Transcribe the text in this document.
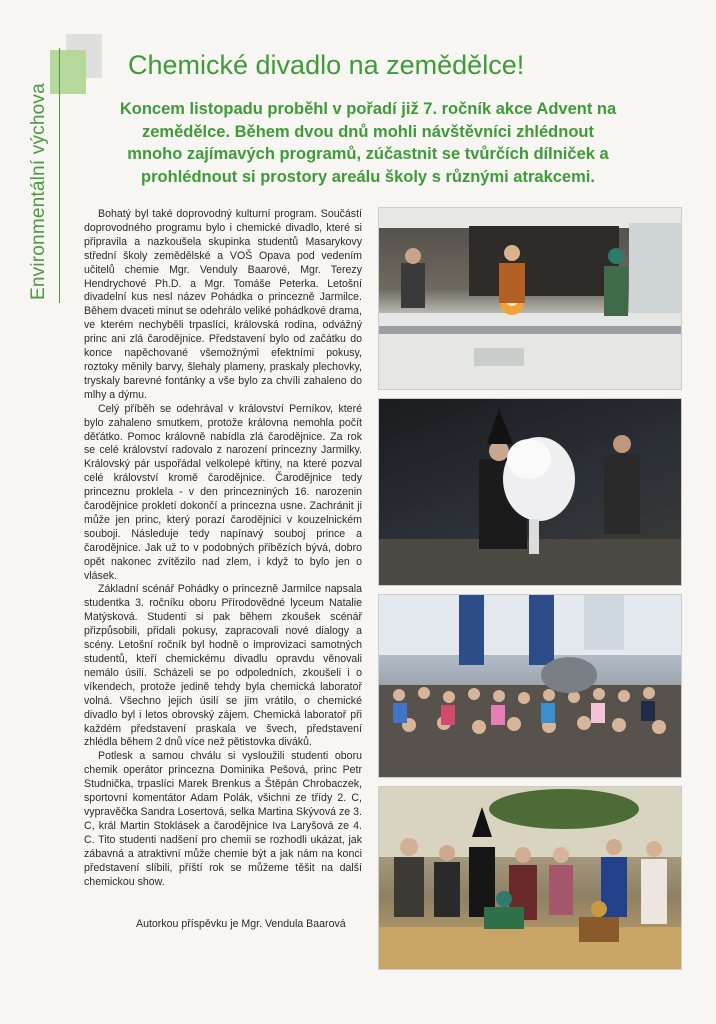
Environmentální výchova
Chemické divadlo na zemědělce!

Koncem listopadu proběhl v pořadí již 7. ročník akce Advent na zemědělce. Během dvou dnů mohli návštěvníci zhlédnout mnoho zajímavých programů, zúčastnit se tvůrčích dílniček a prohlédnout si prostory areálu školy s různými atrakcemi.

Bohatý byl také doprovodný kulturní program. Součástí doprovodného programu bylo i chemické divadlo, které si připravila a nazkoušela skupinka studentů Masarykovy střední školy zemědělské a VOŠ Opava pod vedením učitelů chemie Mgr. Venduly Baarové, Mgr. Terezy Hendrychové Ph.D. a Mgr. Tomáše Peterka. Letošní divadelní kus nesl název Pohádka o princezně Jarmilce. Během dvaceti minut se odehrálo veliké pohádkové drama, ve kterém nechyběli trpaslíci, královská rodina, odvážný princ ani zlá čarodějnice. Představení bylo od začátku do konce napěchované všemožnými efektními pokusy, roztoky měnily barvy, šlehaly plameny, praskaly plechovky, tryskaly barevné fontánky a vše bylo za chvíli zahaleno do mlhy a dýmu.

Celý příběh se odehrával v království Perníkov, které bylo zahaleno smutkem, protože královna nemohla počít děťátko. Pomoc královně nabídla zlá čarodějnice. Za rok se celé království radovalo z narození princezny Jarmilky. Královský pár uspořádal velkolepé křtiny, na které pozval celé království kromě čarodějnice. Čarodějnice tedy princeznu proklela - v den princezniných 16. narozenin čarodějnice prokletí dokončí a princezna usne. Zachránit ji může jen princ, který porazí čarodějnici v kouzelnickém souboji. Následuje tedy napínavý souboj prince a čarodějnice. Jak už to v podobných příbězích bývá, dobro opět nakonec zvítězilo nad zlem, i když to bylo jen o vlásek.

Základní scénář Pohádky o princezně Jarmilce napsala studentka 3. ročníku oboru Přírodovědné lyceum Natalie Matýsková. Studenti si pak během zkoušek scénář přizpůsobili, přidali pokusy, zapracovali nové dialogy a scény. Letošní ročník byl hodně o improvizaci samotných studentů, kteří chemickému divadlu opravdu věnovali nemálo úsilí. Scházeli se po odpoledních, zkoušeli i o víkendech, protože jedině tehdy byla chemická laboratoř volná. Všechno jejich úsilí se jim vrátilo, o chemické divadlo byl i letos obrovský zájem. Chemická laboratoř při každém představení praskala ve švech, představení zhlédla během 2 dnů více než pětistovka diváků.

Potlesk a samou chválu si vysloužili studenti oboru chemik operátor princezna Dominika Pešová, princ Petr Studnička, trpaslíci Marek Brenkus a Štěpán Chrobaczek, sportovní komentátor Adam Polák, všichni ze třídy 2. C, vypravěčka Sandra Losertová, selka Martina Skývová ze 3. C, král Martin Stoklásek a čarodějnice Iva Laryšová ze 4. C. Tito studenti nadšení pro chemii se rozhodli ukázat, jak zábavná a atraktivní může chemie být a jak nám na konci představení slíbili, příští rok se můžeme těšit na další chemickou show.

Autorkou příspěvku je Mgr. Vendula Baarová
